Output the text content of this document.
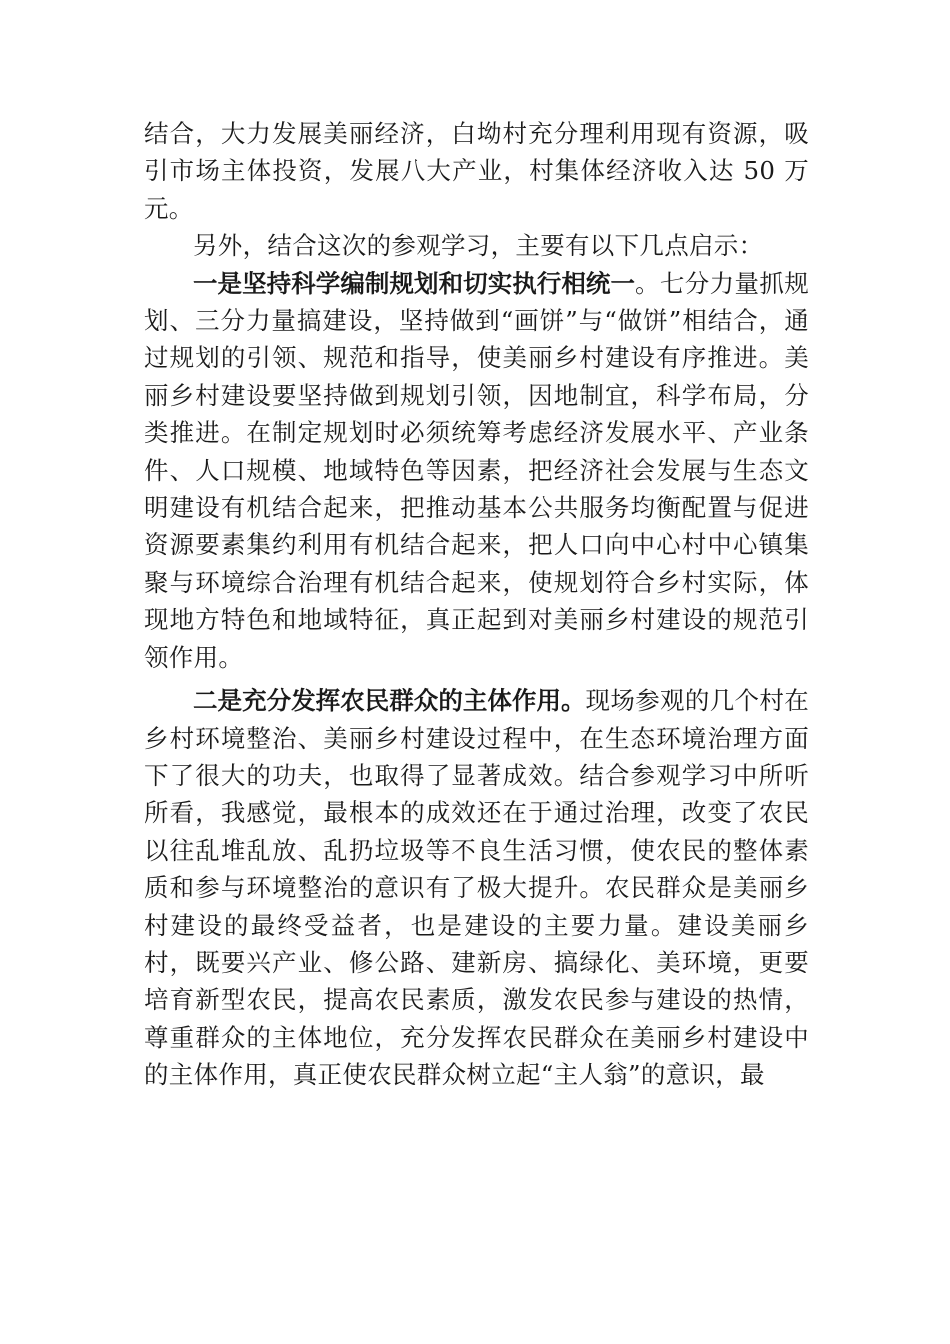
结合，大力发展美丽经济，白坳村充分理利用现有资源，吸引市场主体投资，发展八大产业，村集体经济收入达 50 万元。

另外，结合这次的参观学习，主要有以下几点启示：

一是坚持科学编制规划和切实执行相统一。七分力量抓规划、三分力量搞建设，坚持做到“画饼”与“做饼”相结合，通过规划的引领、规范和指导，使美丽乡村建设有序推进。美丽乡村建设要坚持做到规划引领，因地制宜，科学布局，分类推进。在制定规划时必须统筹考虑经济发展水平、产业条件、人口规模、地域特色等因素，把经济社会发展与生态文明建设有机结合起来，把推动基本公共服务均衡配置与促进资源要素集约利用有机结合起来，把人口向中心村中心镇集聚与环境综合治理有机结合起来，使规划符合乡村实际，体现地方特色和地域特征，真正起到对美丽乡村建设的规范引领作用。

二是充分发挥农民群众的主体作用。现场参观的几个村在乡村环境整治、美丽乡村建设过程中，在生态环境治理方面下了很大的功夫，也取得了显著成效。结合参观学习中所听所看，我感觉，最根本的成效还在于通过治理，改变了农民以往乱堆乱放、乱扔垃圾等不良生活习惯，使农民的整体素质和参与环境整治的意识有了极大提升。农民群众是美丽乡村建设的最终受益者，也是建设的主要力量。建设美丽乡村，既要兴产业、修公路、建新房、搞绿化、美环境，更要培育新型农民，提高农民素质，激发农民参与建设的热情，尊重群众的主体地位，充分发挥农民群众在美丽乡村建设中的主体作用，真正使农民群众树立起“主人翁”的意识，最
